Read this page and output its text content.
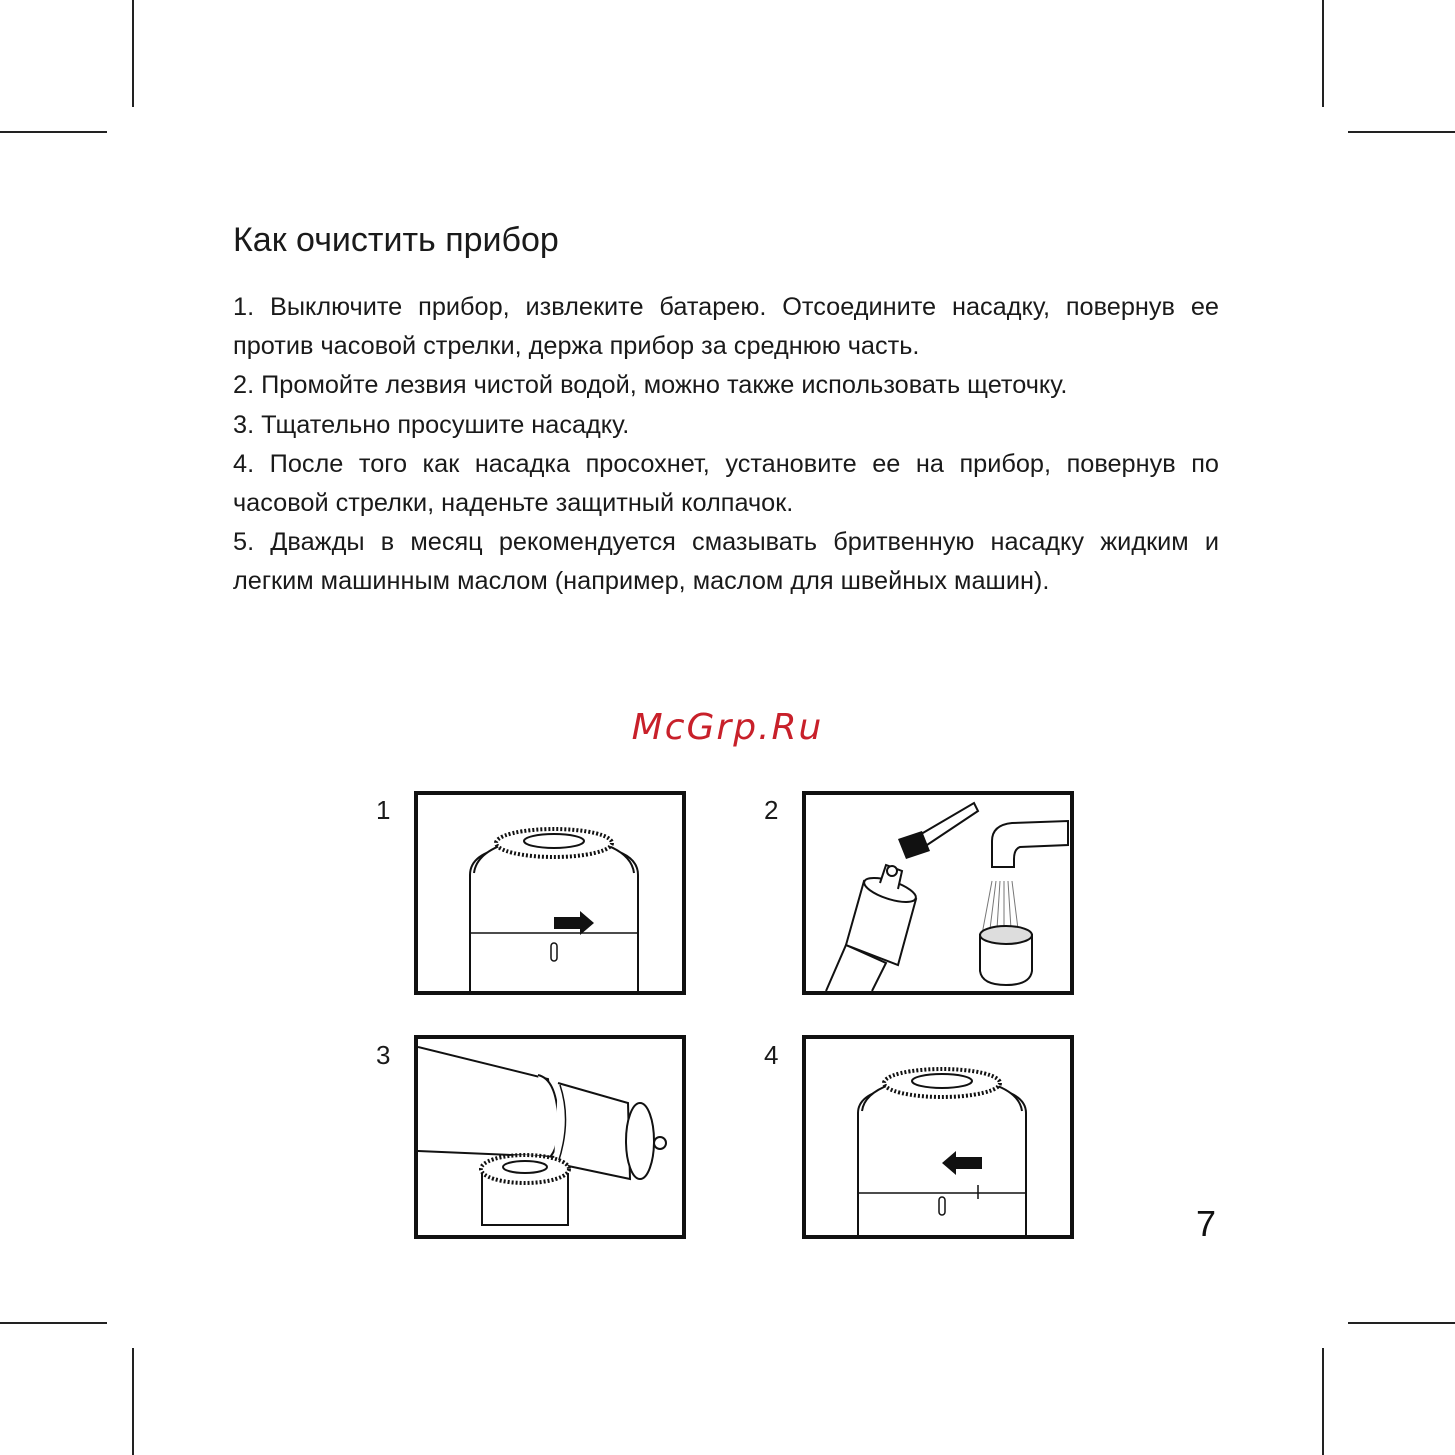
Как очистить прибор

1. Выключите прибор, извлеките батарею. Отсоедините насадку, повернув ее против часовой стрелки, держа прибор за среднюю часть.

2. Промойте лезвия чистой водой, можно также использовать щеточку.

3. Тщательно просушите насадку.

4. После того как насадка просохнет, установите ее на прибор, повернув по часовой стрелки, наденьте защитный колпачок.

5. Дважды в месяц рекомендуется смазывать бритвенную насадку жидким и легким машинным маслом (например, маслом для швейных машин).

McGrp.Ru
1	2
3	4
7
